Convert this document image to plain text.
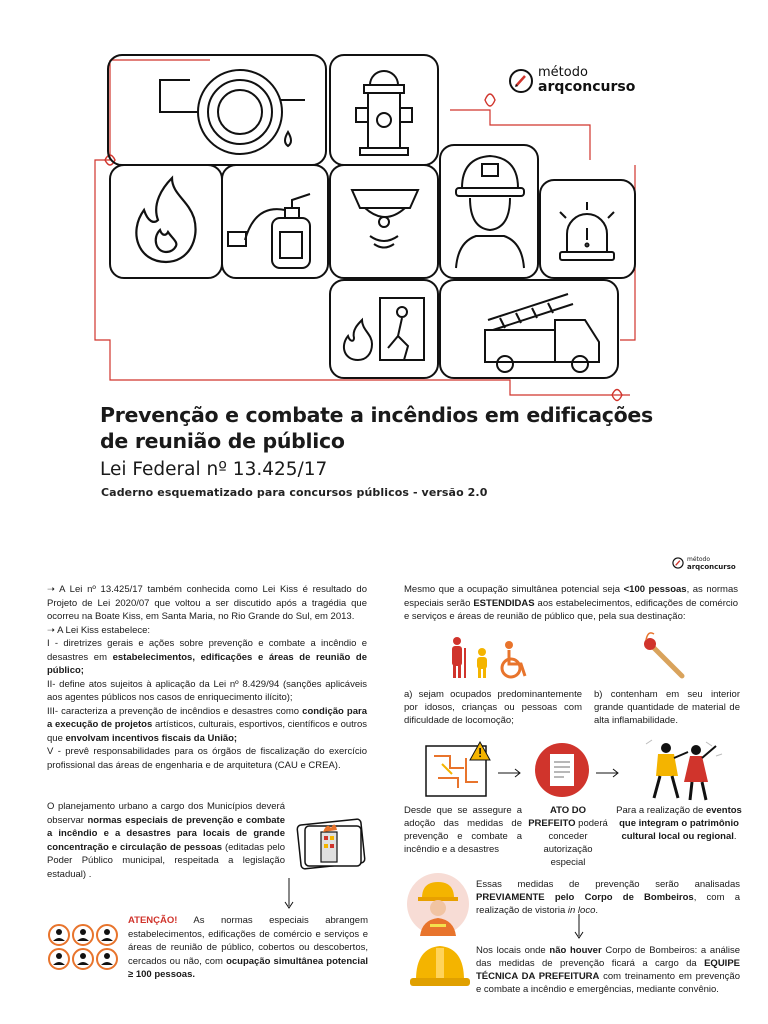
método
arqconcurso
Prevenção e combate a incêndios em edificações
de reunião de público
Lei Federal nº 13.425/17
Caderno esquematizado para concursos públicos - versão 2.0
método
arqconcurso

➝ A Lei nº 13.425/17 também conhecida como Lei Kiss é resultado do Projeto de Lei 2020/07 que voltou a ser discutido após a tragédia que ocorreu na Boate Kiss, em Santa Maria, no Rio Grande do Sul, em 2013.

➝ A Lei Kiss estabelece:

I - diretrizes gerais e ações sobre prevenção e combate a incêndio e desastres em estabelecimentos, edificações e áreas de reunião de público;

II- define atos sujeitos à aplicação da Lei nº 8.429/94 (sanções aplicáveis aos agentes públicos nos casos de enriquecimento ilícito);

III- caracteriza a prevenção de incêndios e desastres como condição para a execução de projetos artísticos, culturais, esportivos, científicos e outros que envolvam incentivos fiscais da União;

V - prevê responsabilidades para os órgãos de fiscalização do exercício profissional das áreas de engenharia e de arquitetura (CAU e CREA).

O planejamento urbano a cargo dos Municípios deverá observar normas especiais de prevenção e combate a incêndio e a desastres para locais de grande concentração e circulação de pessoas (editadas pelo Poder Público municipal, respeitada a legislação estadual) .
ATENÇÃO! As normas especiais abrangem estabelecimentos, edificações de comércio e serviços e áreas de reunião de público, cobertos ou descobertos, cercados ou não, com ocupação simultânea potencial ≥ 100 pessoas.
Mesmo que a ocupação simultânea potencial seja <100 pessoas, as normas especiais serão ESTENDIDAS aos estabelecimentos, edificações de comércio e serviços e áreas de reunião de público que, pela sua destinação:
a) sejam ocupados predominantemente por idosos, crianças ou pessoas com dificuldade de locomoção;
b) contenham em seu interior grande quantidade de material de alta inflamabilidade.
Desde que se assegure a adoção das medidas de prevenção e combate a incêndio e a desastres
ATO DO PREFEITO poderá conceder autorização especial
Para a realização de eventos que integram o patrimônio cultural local ou regional.
Essas medidas de prevenção serão analisadas PREVIAMENTE pelo Corpo de Bombeiros, com a realização de vistoria in loco.
Nos locais onde não houver Corpo de Bombeiros: a análise das medidas de prevenção ficará a cargo da EQUIPE TÉCNICA DA PREFEITURA com treinamento em prevenção e combate a incêndio e emergências, mediante convênio.
